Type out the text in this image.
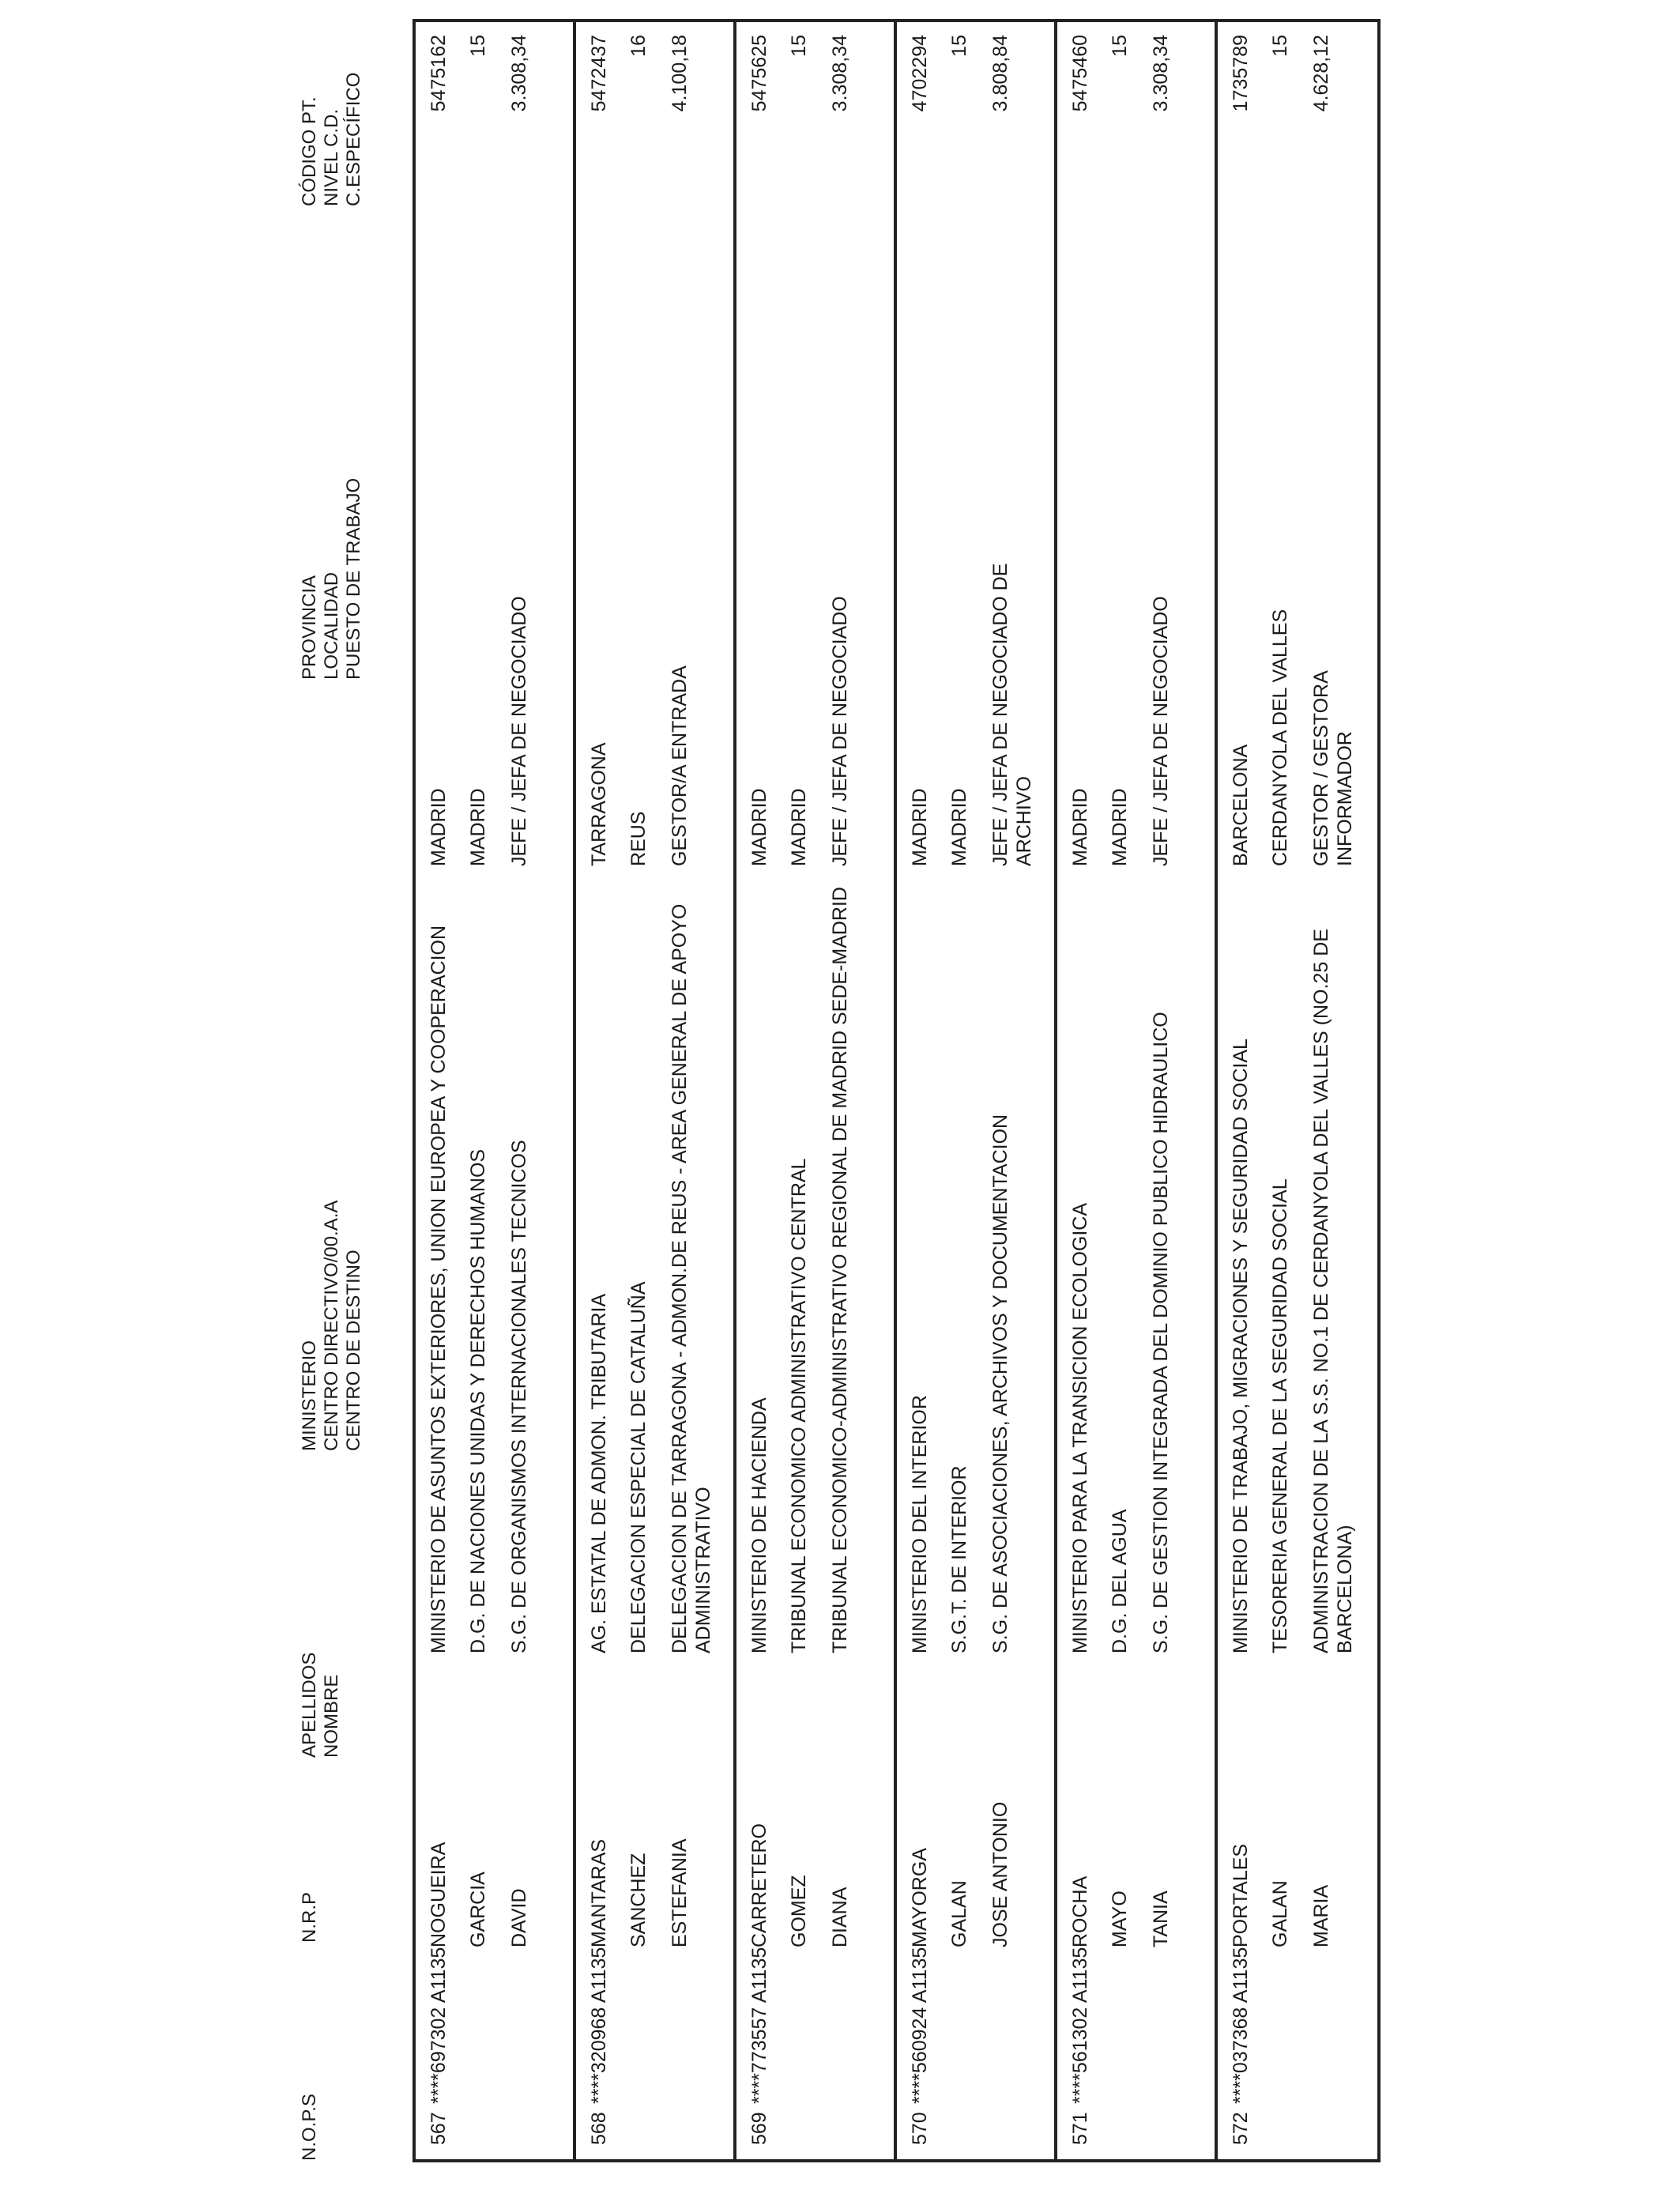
N.O.P.S
N.R.P
APELLIDOS NOMBRE
MINISTERIO CENTRO DIRECTIVO/00.A.A CENTRO DE DESTINO
PROVINCIA LOCALIDAD PUESTO DE TRABAJO
CÓDIGO PT. NIVEL C.D. C.ESPECÍFICO
567
****697302 A1135
NOGUEIRA
MINISTERIO DE ASUNTOS EXTERIORES, UNION EUROPEA Y COOPERACION
MADRID
5475162
GARCIA
D.G. DE NACIONES UNIDAS Y DERECHOS HUMANOS
MADRID
15
DAVID
S.G. DE ORGANISMOS INTERNACIONALES TECNICOS
JEFE / JEFA DE NEGOCIADO
3.308,34
568
****320968 A1135
MANTARAS
AG. ESTATAL DE ADMON. TRIBUTARIA
TARRAGONA
5472437
SANCHEZ
DELEGACION ESPECIAL DE CATALUÑA
REUS
16
ESTEFANIA
DELEGACION DE TARRAGONA - ADMON.DE REUS - AREA GENERAL DE APOYO ADMINISTRATIVO
GESTOR/A ENTRADA
4.100,18
569
****773557 A1135
CARRETERO
MINISTERIO DE HACIENDA
MADRID
5475625
GOMEZ
TRIBUNAL ECONOMICO ADMINISTRATIVO CENTRAL
MADRID
15
DIANA
TRIBUNAL ECONOMICO-ADMINISTRATIVO REGIONAL DE MADRID SEDE-MADRID
JEFE / JEFA DE NEGOCIADO
3.308,34
570
****560924 A1135
MAYORGA
MINISTERIO DEL INTERIOR
MADRID
4702294
GALAN
S.G.T. DE INTERIOR
MADRID
15
JOSE ANTONIO
S.G. DE ASOCIACIONES, ARCHIVOS Y DOCUMENTACION
JEFE / JEFA DE NEGOCIADO DE ARCHIVO
3.808,84
571
****561302 A1135
ROCHA
MINISTERIO PARA LA TRANSICION ECOLOGICA
MADRID
5475460
MAYO
D.G. DEL AGUA
MADRID
15
TANIA
S.G. DE GESTION INTEGRADA DEL DOMINIO PUBLICO HIDRAULICO
JEFE / JEFA DE NEGOCIADO
3.308,34
572
****037368 A1135
PORTALES
MINISTERIO DE TRABAJO, MIGRACIONES Y SEGURIDAD SOCIAL
BARCELONA
1735789
GALAN
TESORERIA GENERAL DE LA SEGURIDAD SOCIAL
CERDANYOLA DEL VALLES
15
MARIA
ADMINISTRACION DE LA S.S. NO.1 DE CERDANYOLA DEL VALLES (NO.25 DE BARCELONA)
GESTOR / GESTORA INFORMADOR
4.628,12
